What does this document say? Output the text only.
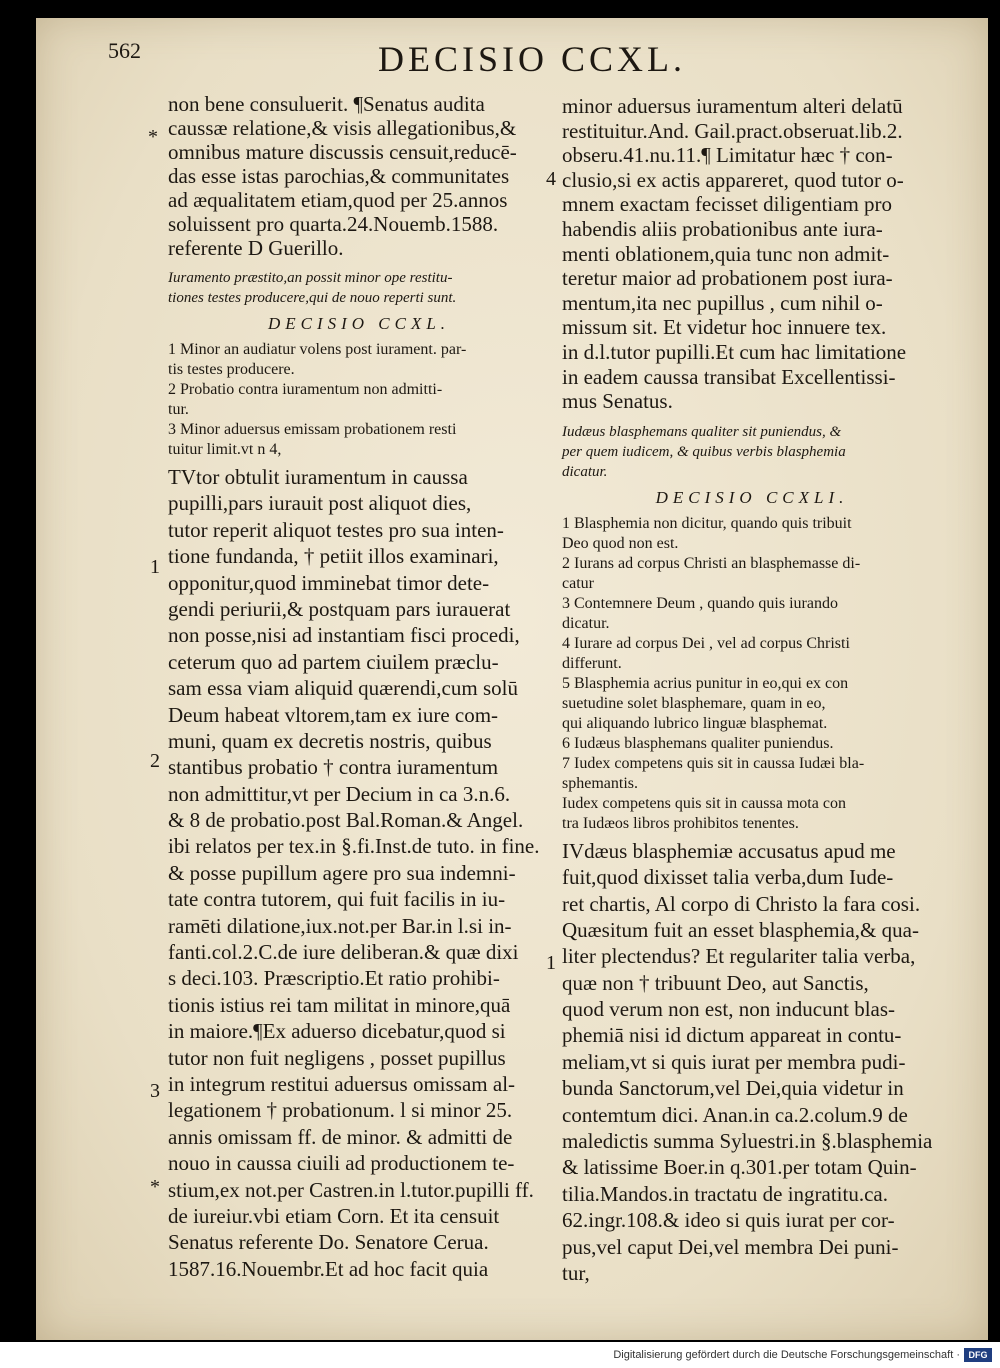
562	DECISIO CCXL.
non bene consuluerit. ¶Senatus audita
caussæ relatione,& visis allegationibus,&
omnibus mature discussis censuit,reducē-
das esse istas parochias,& communitates
ad æqualitatem etiam,quod per 25.annos
soluissent pro quarta.24.Nouemb.1588.
referente D Guerillo.
Iuramento præstito,an possit minor ope restitu-
tiones testes producere,qui de nouo reperti sunt.
DECISIO CCXL.
1 Minor an audiatur volens post iurament. par-
tis testes producere.
2 Probatio contra iuramentum non admitti-
tur.
3 Minor aduersus emissam probationem resti
tuitur limit.vt n 4,
TVtor obtulit iuramentum in caussa
pupilli,pars iurauit post aliquot dies,
tutor reperit aliquot testes pro sua inten-
tione fundanda, † petiit illos examinari,
opponitur,quod imminebat timor dete-
gendi periurii,& postquam pars iurauerat
non posse,nisi ad instantiam fisci procedi,
ceterum quo ad partem ciuilem præclu-
sam essa viam aliquid quærendi,cum solū
Deum habeat vltorem,tam ex iure com-
muni, quam ex decretis nostris, quibus
stantibus probatio † contra iuramentum
non admittitur,vt per Decium in ca 3.n.6.
& 8 de probatio.post Bal.Roman.& Angel.
ibi relatos per tex.in §.fi.Inst.de tuto. in fine.
& posse pupillum agere pro sua indemni-
tate contra tutorem, qui fuit facilis in iu-
ramēti dilatione,iux.not.per Bar.in l.si in-
fanti.col.2.C.de iure deliberan.& quæ dixi
s deci.103. Præscriptio.Et ratio prohibi-
tionis istius rei tam militat in minore,quā
in maiore.¶Ex aduerso dicebatur,quod si
tutor non fuit negligens , posset pupillus
in integrum restitui aduersus omissam al-
legationem † probationum. l si minor 25.
annis omissam ff. de minor. & admitti de
nouo in caussa ciuili ad productionem te-
stium,ex not.per Castren.in l.tutor.pupilli ff.
de iureiur.vbi etiam Corn. Et ita censuit
Senatus referente Do. Senatore Cerua.
1587.16.Nouembr.Et ad hoc facit quia
minor aduersus iuramentum alteri delatū
restituitur.And. Gail.pract.obseruat.lib.2.
obseru.41.nu.11.¶ Limitatur hæc † con-
clusio,si ex actis appareret, quod tutor o-
mnem exactam fecisset diligentiam pro
habendis aliis probationibus ante iura-
menti oblationem,quia tunc non admit-
teretur maior ad probationem post iura-
mentum,ita nec pupillus , cum nihil o-
missum sit. Et videtur hoc innuere tex.
in d.l.tutor pupilli.Et cum hac limitatione
in eadem caussa transibat Excellentissi-
mus Senatus.
Iudæus blasphemans qualiter sit puniendus, &
per quem iudicem, & quibus verbis blasphemia
dicatur.
DECISIO CCXLI.
1 Blasphemia non dicitur, quando quis tribuit
Deo quod non est.
2 Iurans ad corpus Christi an blasphemasse di-
catur
3 Contemnere Deum , quando quis iurando
dicatur.
4 Iurare ad corpus Dei , vel ad corpus Christi
differunt.
5 Blasphemia acrius punitur in eo,qui ex con
suetudine solet blasphemare, quam in eo,
qui aliquando lubrico linguæ blasphemat.
6 Iudæus blasphemans qualiter puniendus.
7 Iudex competens quis sit in caussa Iudæi bla-
sphemantis.
Iudex competens quis sit in caussa mota con
tra Iudæos libros prohibitos tenentes.
IVdæus blasphemiæ accusatus apud me
fuit,quod dixisset talia verba,dum Iude-
ret chartis, Al corpo di Christo la fara cosi.
Quæsitum fuit an esset blasphemia,& qua-
liter plectendus? Et regulariter talia verba,
quæ non † tribuunt Deo, aut Sanctis,
quod verum non est, non inducunt blas-
phemiā nisi id dictum appareat in contu-
meliam,vt si quis iurat per membra pudi-
bunda Sanctorum,vel Dei,quia videtur in
contemtum dici. Anan.in ca.2.colum.9 de
maledictis summa Syluestri.in §.blasphemia
& latissime Boer.in q.301.per totam Quin-
tilia.Mandos.in tractatu de ingratitu.ca.
62.ingr.108.& ideo si quis iurat per cor-
pus,vel caput Dei,vel membra Dei puni-
tur,
*
1
2
3
*
4
1
Digitalisierung gefördert durch die Deutsche Forschungsgemeinschaft · DFG
